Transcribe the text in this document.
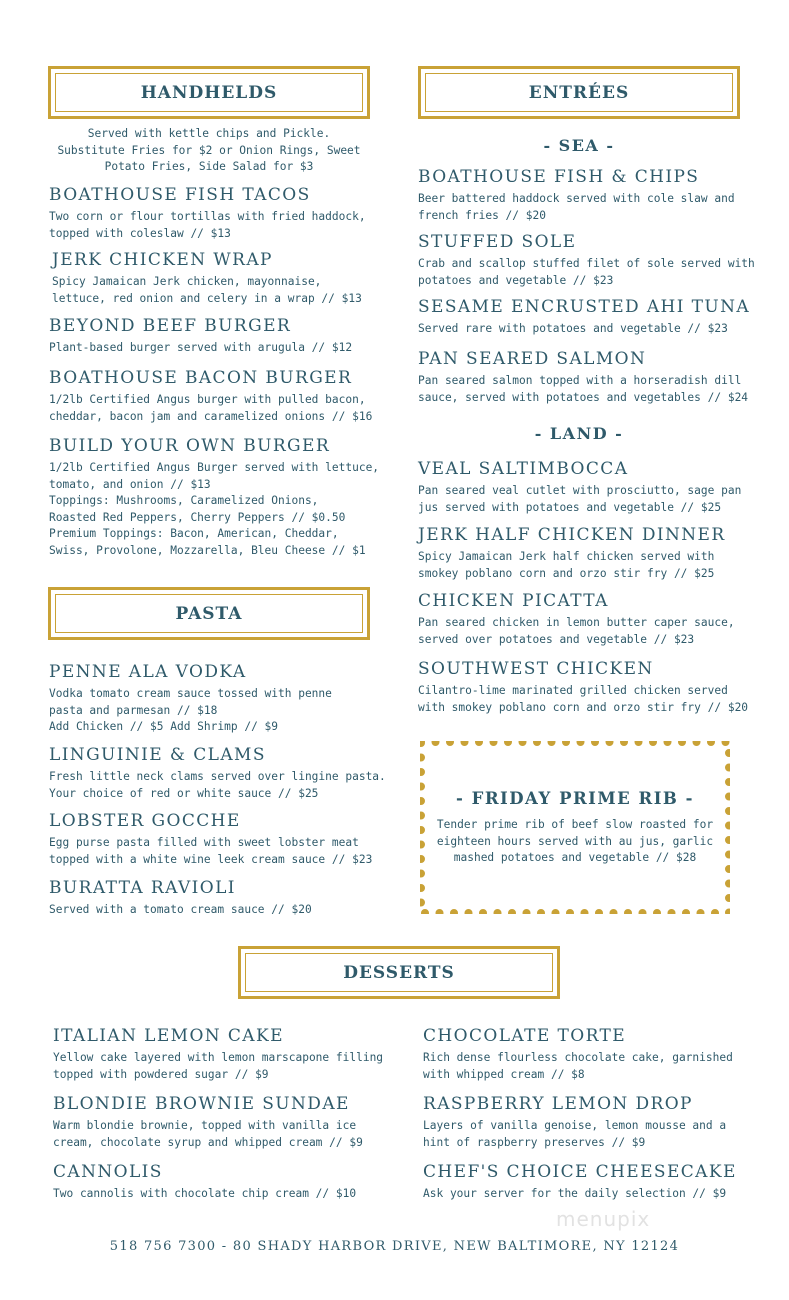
HANDHELDS
Served with kettle chips and Pickle.
Substitute Fries for $2 or Onion Rings, Sweet
Potato Fries, Side Salad for $3

BOATHOUSE FISH TACOS

Two corn or flour tortillas with fried haddock,
topped with coleslaw // $13

JERK CHICKEN WRAP

Spicy Jamaican Jerk chicken, mayonnaise,
lettuce, red onion and celery in a wrap // $13

BEYOND BEEF BURGER

Plant-based burger served with arugula // $12

BOATHOUSE BACON BURGER

1/2lb Certified Angus burger with pulled bacon,
cheddar, bacon jam and caramelized onions // $16

BUILD YOUR OWN BURGER

1/2lb Certified Angus Burger served with lettuce,
tomato, and onion // $13
Toppings: Mushrooms, Caramelized Onions,
Roasted Red Peppers, Cherry Peppers // $0.50
Premium Toppings: Bacon, American, Cheddar,
Swiss, Provolone, Mozzarella, Bleu Cheese // $1

PASTA

PENNE ALA VODKA

Vodka tomato cream sauce tossed with penne
pasta and parmesan // $18
Add Chicken // $5 Add Shrimp // $9

LINGUINIE & CLAMS

Fresh little neck clams served over lingine pasta.
Your choice of red or white sauce // $25

LOBSTER GOCCHE

Egg purse pasta filled with sweet lobster meat
topped with a white wine leek cream sauce // $23

BURATTA RAVIOLI

Served with a tomato cream sauce // $20

ENTRÉES
- SEA -

BOATHOUSE FISH & CHIPS

Beer battered haddock served with cole slaw and
french fries // $20

STUFFED SOLE

Crab and scallop stuffed filet of sole served with
potatoes and vegetable // $23

SESAME ENCRUSTED AHI TUNA

Served rare with potatoes and vegetable // $23

PAN SEARED SALMON

Pan seared salmon topped with a horseradish dill
sauce, served with potatoes and vegetables // $24

- LAND -

VEAL SALTIMBOCCA

Pan seared veal cutlet with prosciutto, sage pan
jus served with potatoes and vegetable // $25

JERK HALF CHICKEN DINNER

Spicy Jamaican Jerk half chicken served with
smokey poblano corn and orzo stir fry // $25

CHICKEN PICATTA

Pan seared chicken in lemon butter caper sauce,
served over potatoes and vegetable // $23

SOUTHWEST CHICKEN

Cilantro-lime marinated grilled chicken served
with smokey poblano corn and orzo stir fry // $20

- FRIDAY PRIME RIB -
Tender prime rib of beef slow roasted for
eighteen hours served with au jus, garlic
mashed potatoes and vegetable // $28
DESSERTS

ITALIAN LEMON CAKE

Yellow cake layered with lemon marscapone filling
topped with powdered sugar // $9

BLONDIE BROWNIE SUNDAE

Warm blondie brownie, topped with vanilla ice
cream, chocolate syrup and whipped cream // $9

CANNOLIS

Two cannolis with chocolate chip cream // $10

CHOCOLATE TORTE

Rich dense flourless chocolate cake, garnished
with whipped cream // $8

RASPBERRY LEMON DROP

Layers of vanilla genoise, lemon mousse and a
hint of raspberry preserves // $9

CHEF'S CHOICE CHEESECAKE

Ask your server for the daily selection // $9

menupix
518 756 7300 - 80 SHADY HARBOR DRIVE, NEW BALTIMORE, NY 12124
